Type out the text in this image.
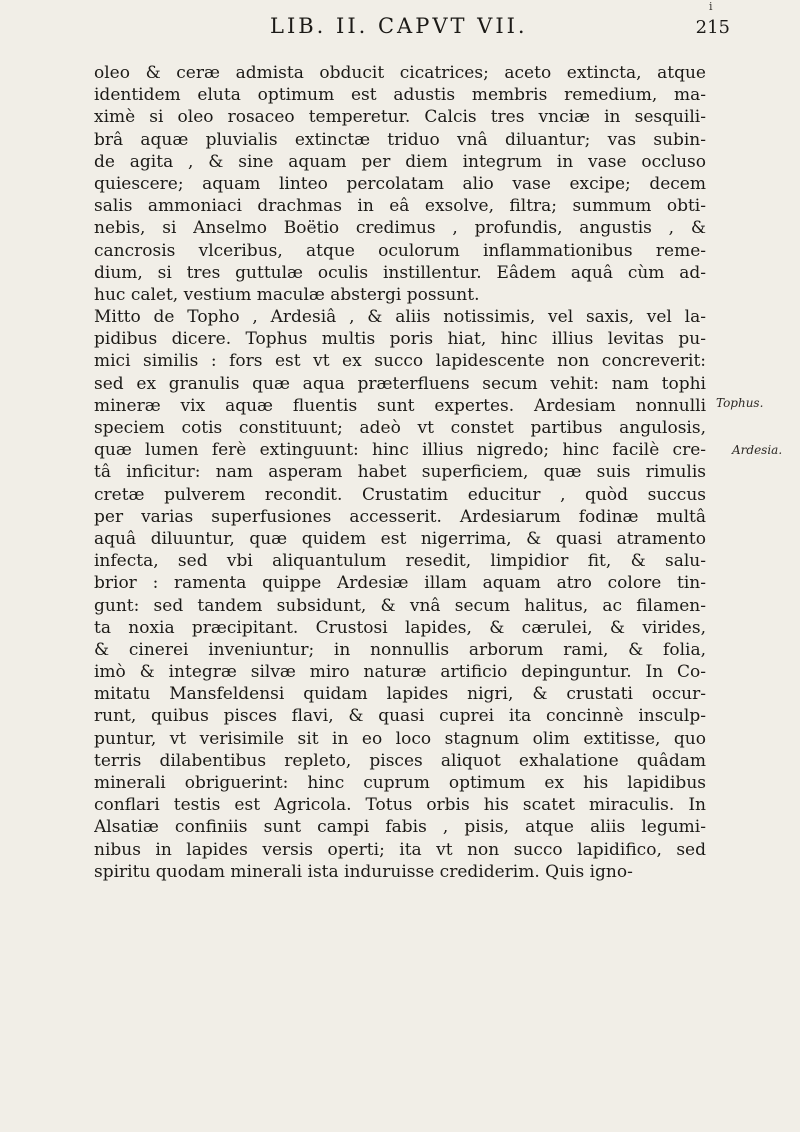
i
LIB. II. CAPVT VII.	215
Tophus.
Ardesia.
oleo & ceræ admista obducit cicatrices; aceto extincta, atque
identidem eluta optimum est adustis membris remedium, ma-
ximè si oleo rosaceo temperetur. Calcis tres vnciæ in sesquili-
brâ aquæ pluvialis extinctæ triduo vnâ diluantur; vas subin-
de agita , & sine aquam per diem integrum in vase occluso
quiescere; aquam linteo percolatam alio vase excipe; decem
salis ammoniaci drachmas in eâ exsolve, filtra; summum obti-
nebis, si Anselmo Boëtio credimus , profundis, angustis , &
cancrosis vlceribus, atque oculorum inflammationibus reme-
dium, si tres guttulæ oculis instillentur. Eâdem aquâ cùm ad-
huc calet, vestium maculæ abstergi possunt.
Mitto de Topho , Ardesiâ , & aliis notissimis, vel saxis, vel la-
pidibus dicere. Tophus multis poris hiat, hinc illius levitas pu-
mici similis : fors est vt ex succo lapidescente non concreverit:
sed ex granulis quæ aqua præterfluens secum vehit: nam tophi
mineræ vix aquæ fluentis sunt expertes. Ardesiam nonnulli
speciem cotis constituunt; adeò vt constet partibus angulosis,
quæ lumen ferè extinguunt: hinc illius nigredo; hinc facilè cre-
tâ inficitur: nam asperam habet superficiem, quæ suis rimulis
cretæ pulverem recondit. Crustatim educitur , quòd succus
per varias superfusiones accesserit. Ardesiarum fodinæ multâ
aquâ diluuntur, quæ quidem est nigerrima, & quasi atramento
infecta, sed vbi aliquantulum resedit, limpidior fit, & salu-
brior : ramenta quippe Ardesiæ illam aquam atro colore tin-
gunt: sed tandem subsidunt, & vnâ secum halitus, ac filamen-
ta noxia præcipitant. Crustosi lapides, & cærulei, & virides,
& cinerei inveniuntur; in nonnullis arborum rami, & folia,
imò & integræ silvæ miro naturæ artificio depinguntur. In Co-
mitatu Mansfeldensi quidam lapides nigri, & crustati occur-
runt, quibus pisces flavi, & quasi cuprei ita concinnè insculp-
puntur, vt verisimile sit in eo loco stagnum olim extitisse, quo
terris dilabentibus repleto, pisces aliquot exhalatione quâdam
minerali obriguerint: hinc cuprum optimum ex his lapidibus
conflari testis est Agricola. Totus orbis his scatet miraculis. In
Alsatiæ confiniis sunt campi fabis , pisis, atque aliis legumi-
nibus in lapides versis operti; ita vt non succo lapidifico, sed
spiritu quodam minerali ista induruisse crediderim. Quis igno-
